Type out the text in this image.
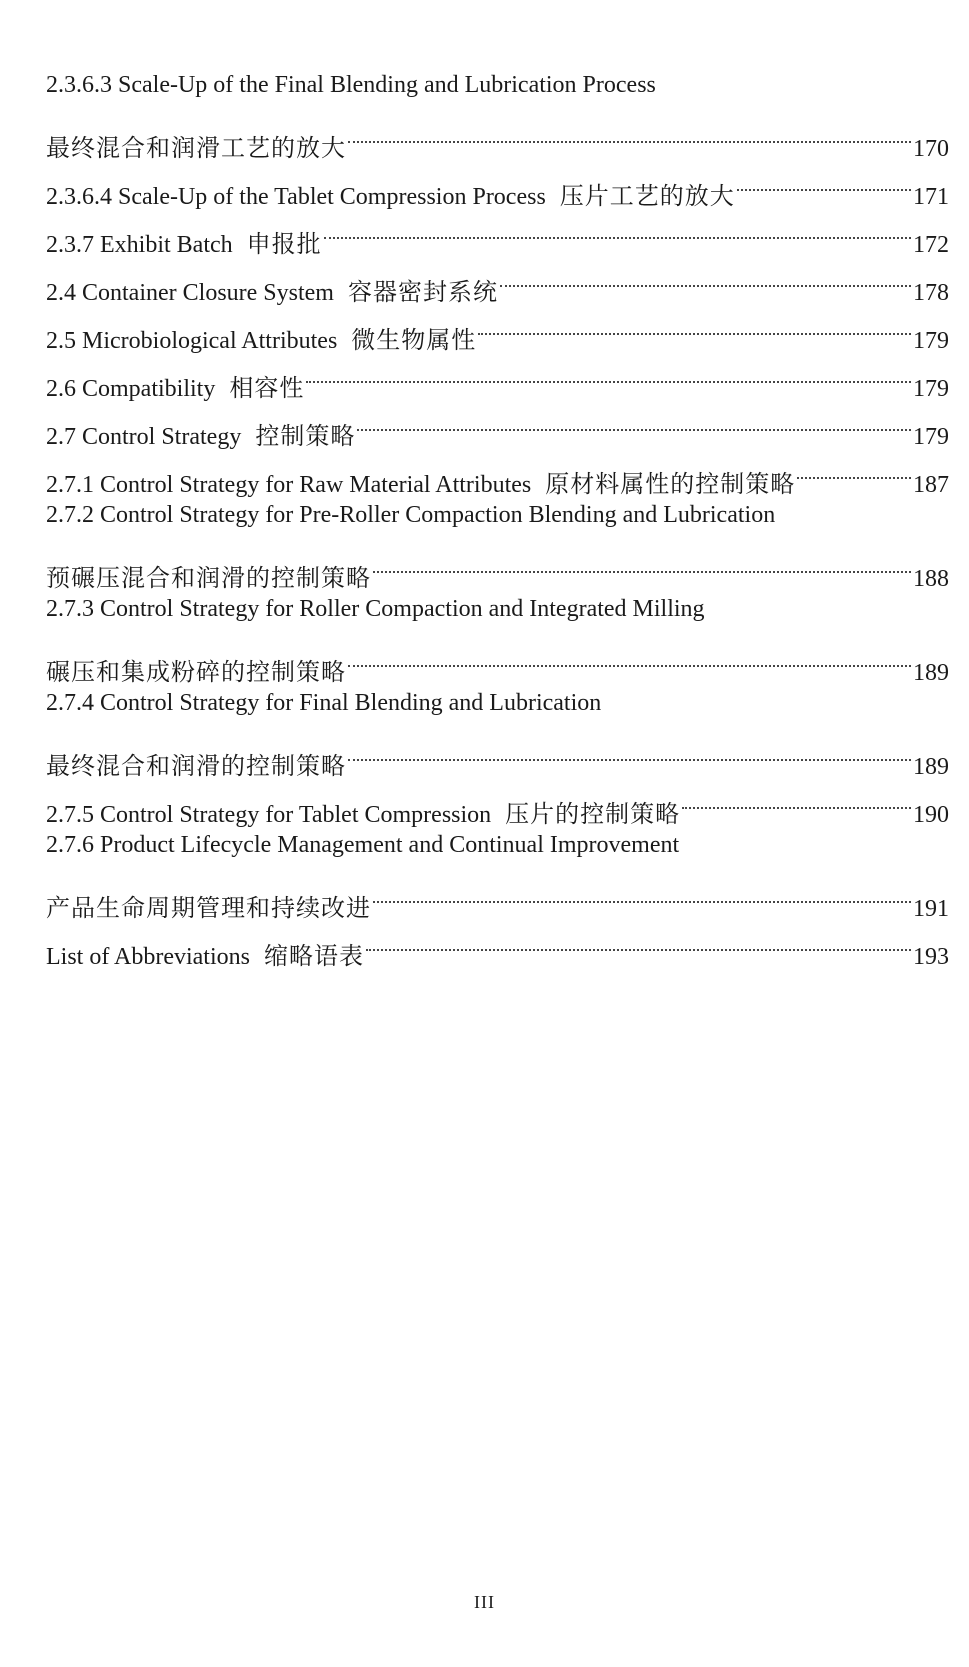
2.3.6.3 Scale-Up of the Final Blending and Lubrication Process
最终混合和润滑工艺的放大	170
2.3.6.4 Scale-Up of the Tablet Compression Process 压片工艺的放大	171
2.3.7 Exhibit Batch 申报批	172
2.4 Container Closure System 容器密封系统	178
2.5 Microbiological Attributes 微生物属性	179
2.6 Compatibility 相容性	179
2.7 Control Strategy 控制策略	179
2.7.1 Control Strategy for Raw Material Attributes 原材料属性的控制策略	187
2.7.2 Control Strategy for Pre-Roller Compaction Blending and Lubrication
预碾压混合和润滑的控制策略	188
2.7.3 Control Strategy for Roller Compaction and Integrated Milling
碾压和集成粉碎的控制策略	189
2.7.4 Control Strategy for Final Blending and Lubrication
最终混合和润滑的控制策略	189
2.7.5 Control Strategy for Tablet Compression 压片的控制策略	190
2.7.6 Product Lifecycle Management and Continual Improvement
产品生命周期管理和持续改进	191
List of Abbreviations 缩略语表	193
III
